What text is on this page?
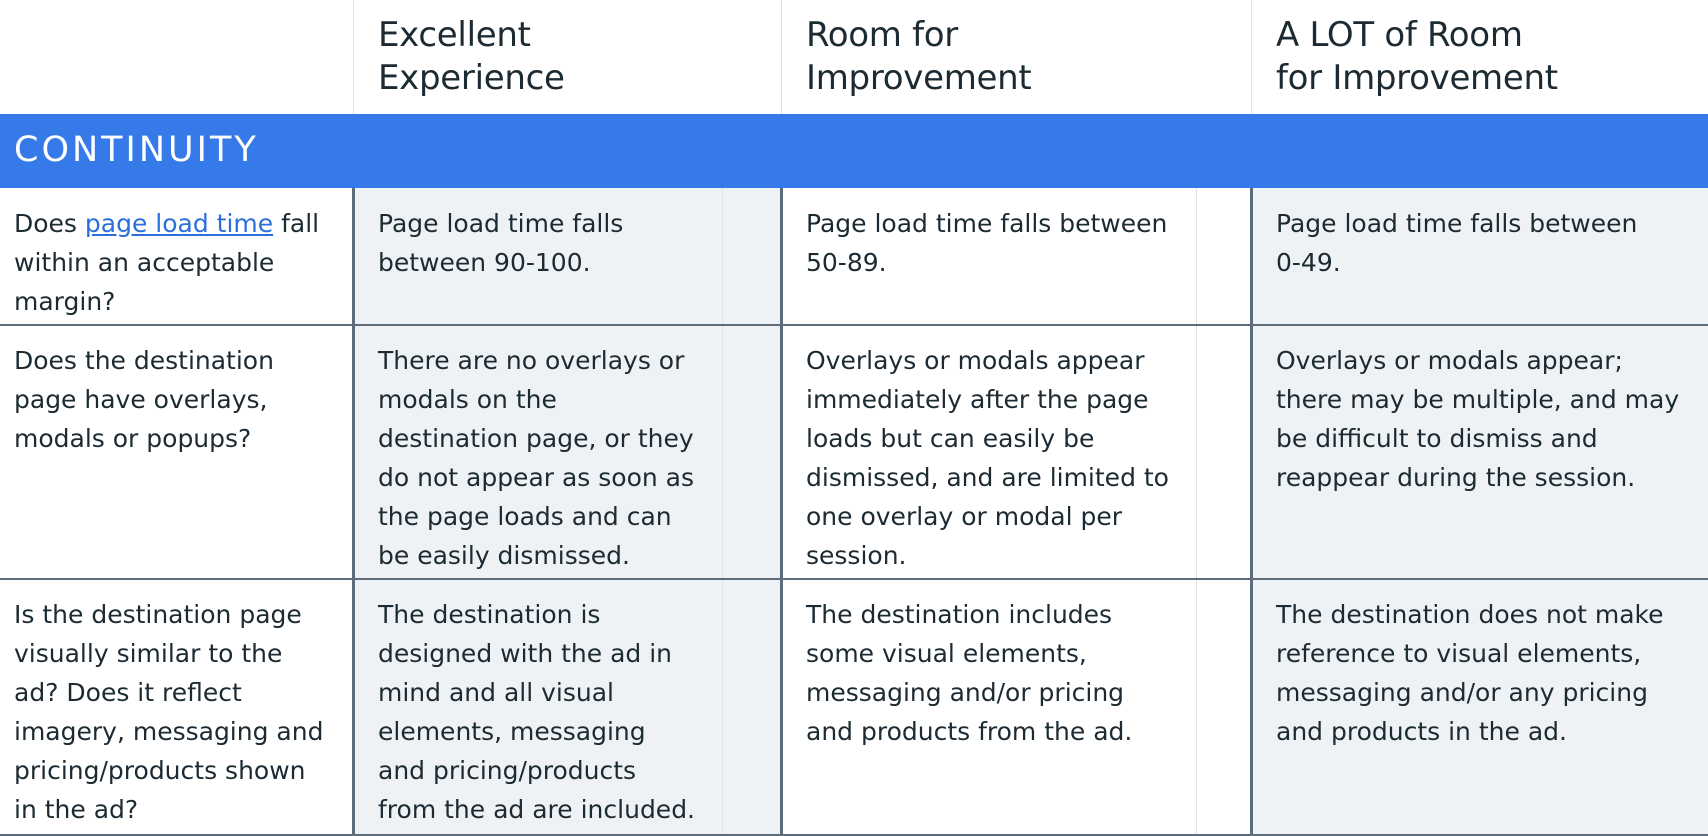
Excellent
Experience
Room for
Improvement
A LOT of Room
for Improvement
CONTINUITY
Does page load time fall
within an acceptable
margin?
Page load time falls
between 90-100.
Page load time falls between
50-89.
Page load time falls between
0-49.
Does the destination
page have overlays,
modals or popups?
There are no overlays or
modals on the
destination page, or they
do not appear as soon as
the page loads and can
be easily dismissed.
Overlays or modals appear
immediately after the page
loads but can easily be
dismissed, and are limited to
one overlay or modal per
session.
Overlays or modals appear;
there may be multiple, and may
be difficult to dismiss and
reappear during the session.
Is the destination page
visually similar to the
ad? Does it reflect
imagery, messaging and
pricing/products shown
in the ad?
The destination is
designed with the ad in
mind and all visual
elements, messaging
and pricing/products
from the ad are included.
The destination includes
some visual elements,
messaging and/or pricing
and products from the ad.
The destination does not make
reference to visual elements,
messaging and/or any pricing
and products in the ad.
